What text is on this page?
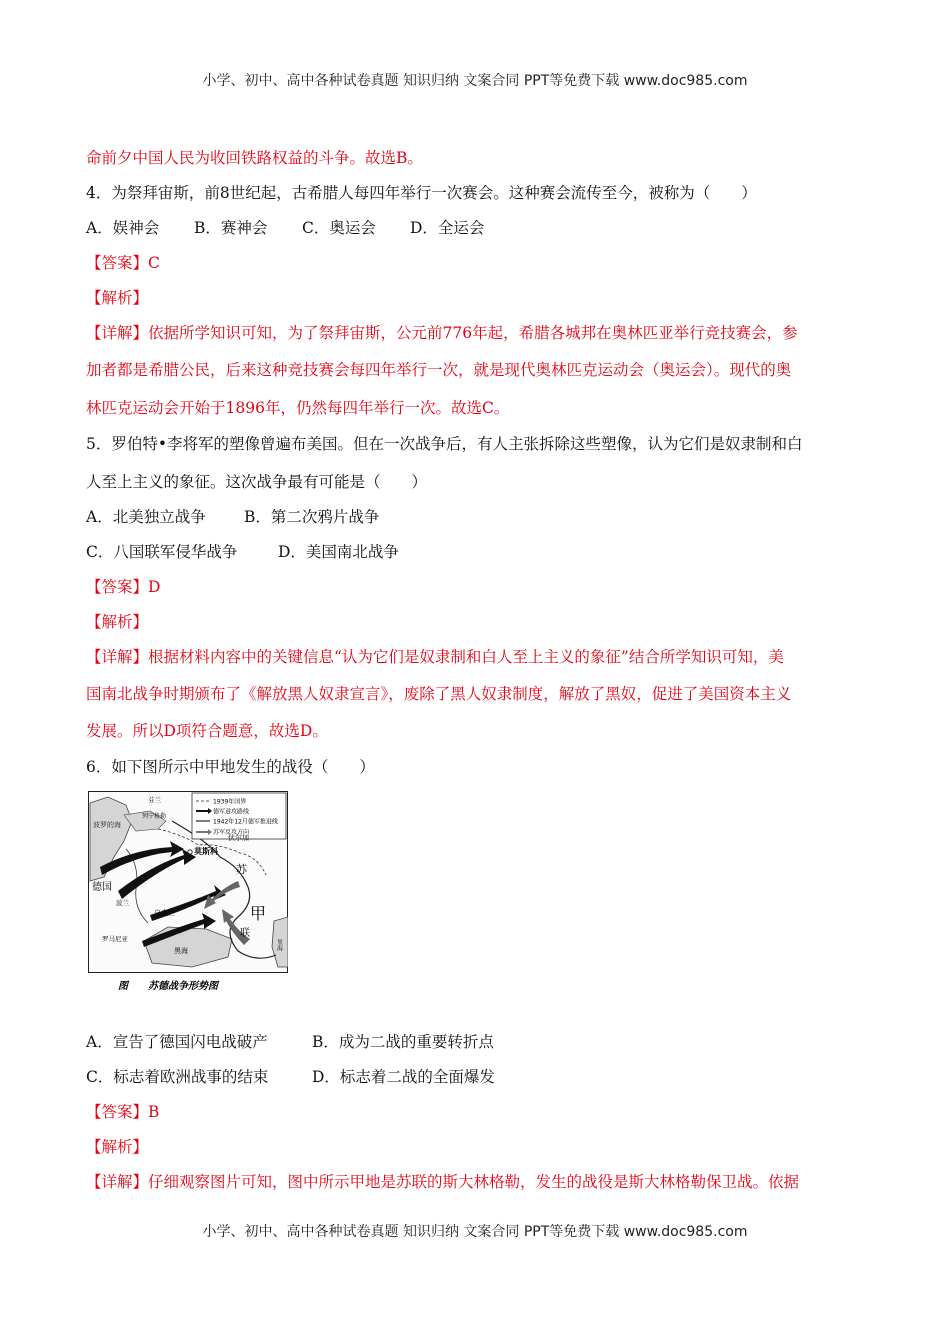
小学、初中、高中各种试卷真题 知识归纳 文案合同 PPT等免费下载 www.doc985.com
命前夕中国人民为收回铁路权益的斗争。故选B。
4．为祭拜宙斯，前8世纪起，古希腊人每四年举行一次赛会。这种赛会流传至今，被称为（　　）
A．娱神会 B．赛神会 C．奥运会 D．全运会
【答案】C
【解析】
【详解】依据所学知识可知，为了祭拜宙斯，公元前776年起，希腊各城邦在奥林匹亚举行竞技赛会，参
加者都是希腊公民，后来这种竞技赛会每四年举行一次，就是现代奥林匹克运动会（奥运会）。现代的奥
林匹克运动会开始于1896年，仍然每四年举行一次。故选C。
5．罗伯特•李将军的塑像曾遍布美国。但在一次战争后，有人主张拆除这些塑像，认为它们是奴隶制和白
人至上主义的象征。这次战争最有可能是（　　）
A．北美独立战争 B．第二次鸦片战争
C．八国联军侵华战争	D．美国南北战争
【答案】D
【解析】
【详解】根据材料内容中的关键信息“认为它们是奴隶制和白人至上主义的象征”结合所学知识可知，美
国南北战争时期颁布了《解放黑人奴隶宣言》，废除了黑人奴隶制度，解放了黑奴，促进了美国资本主义
发展。所以D项符合题意，故选D。
6．如下图所示中甲地发生的战役（　　）
1939年国界
德军进攻路线
1942年12月德军推进线
苏军反攻方向
波罗的海
芬兰
列宁格勒
莫斯科
伏尔加
苏
甲
联
德国
波兰
乌克兰
罗马尼亚
黑海	里海
图　　苏德战争形势图
A．宣告了德国闪电战破产	B．成为二战的重要转折点
C．标志着欧洲战事的结束	D．标志着二战的全面爆发
【答案】B
【解析】
【详解】仔细观察图片可知，图中所示甲地是苏联的斯大林格勒，发生的战役是斯大林格勒保卫战。依据
小学、初中、高中各种试卷真题 知识归纳 文案合同 PPT等免费下载 www.doc985.com
